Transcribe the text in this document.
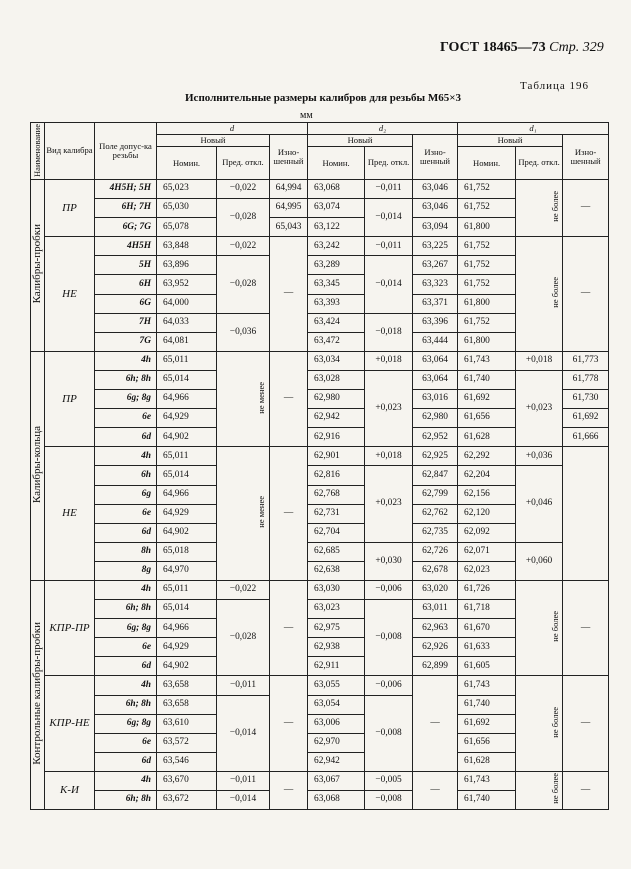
ГОСТ 18465—73 Стр. 329
Таблица 196
Исполнительные размеры калибров для резьбы М65×3
мм
Наименование	Вид калибра	Поле допус-ка резьбы	d				d₂			d₁			
			Новый			Изно-шенный	Новый		Изно-шенный	Новый			Изно-шенный
			Номин.	Пред. откл.			Номин.	Пред. откл.		Номин.	Пред. откл.		
Калибры-пробки	ПР	4H5H; 5H	65,023	−0,022		64,994	63,068	−0,011	63,046	61,752		не более	—
		6H; 7H	65,030	−0,028		64,995	63,074	−0,014	63,046	61,752			
		6G; 7G	65,078			65,043	63,122		63,094	61,800			
	НЕ	4H5H	63,848	−0,022		—	63,242	−0,011	63,225	61,752		не более	—
		5H	63,896	−0,028			63,289	−0,014	63,267	61,752			
		6H	63,952				63,345		63,323	61,752			
		6G	64,000				63,393		63,371	61,800			
		7H	64,033	−0,036			63,424	−0,018	63,396	61,752			
		7G	64,081				63,472		63,444	61,800			
Калибры-кольца	ПР	4h	65,011		не менее	—	63,034	+0,018	63,064	61,743	+0,018		61,773
		6h; 8h	65,014				63,028	+0,023	63,064	61,740	+0,023		61,778
		6g; 8g	64,966				62,980		63,016	61,692			61,730
		6e	64,929				62,942		62,980	61,656			61,692
		6d	64,902				62,916		62,952	61,628			61,666
	НЕ	4h	65,011		не менее	—	62,901	+0,018	62,925	62,292	+0,036		
		6h	65,014				62,816	+0,023	62,847	62,204	+0,046		
		6g	64,966				62,768		62,799	62,156			
		6e	64,929				62,731		62,762	62,120			
		6d	64,902				62,704		62,735	62,092			
		8h	65,018				62,685	+0,030	62,726	62,071	+0,060		
		8g	64,970				62,638		62,678	62,023			
Контрольные калибры-пробки	КПР-ПР	4h	65,011	−0,022		—	63,030	−0,006	63,020	61,726		не более	—
		6h; 8h	65,014	−0,028			63,023	−0,008	63,011	61,718			
		6g; 8g	64,966				62,975		62,963	61,670			
		6e	64,929				62,938		62,926	61,633			
		6d	64,902				62,911		62,899	61,605			
	КПР-НЕ	4h	63,658	−0,011		—	63,055	−0,006	—	61,743		не более	—
		6h; 8h	63,658	−0,014			63,054	−0,008		61,740			
		6g; 8g	63,610				63,006			61,692			
		6e	63,572				62,970			61,656			
		6d	63,546				62,942			61,628			
	К-И	4h	63,670	−0,011		—	63,067	−0,005	—	61,743		не более	—
		6h; 8h	63,672	−0,014			63,068	−0,008		61,740			
